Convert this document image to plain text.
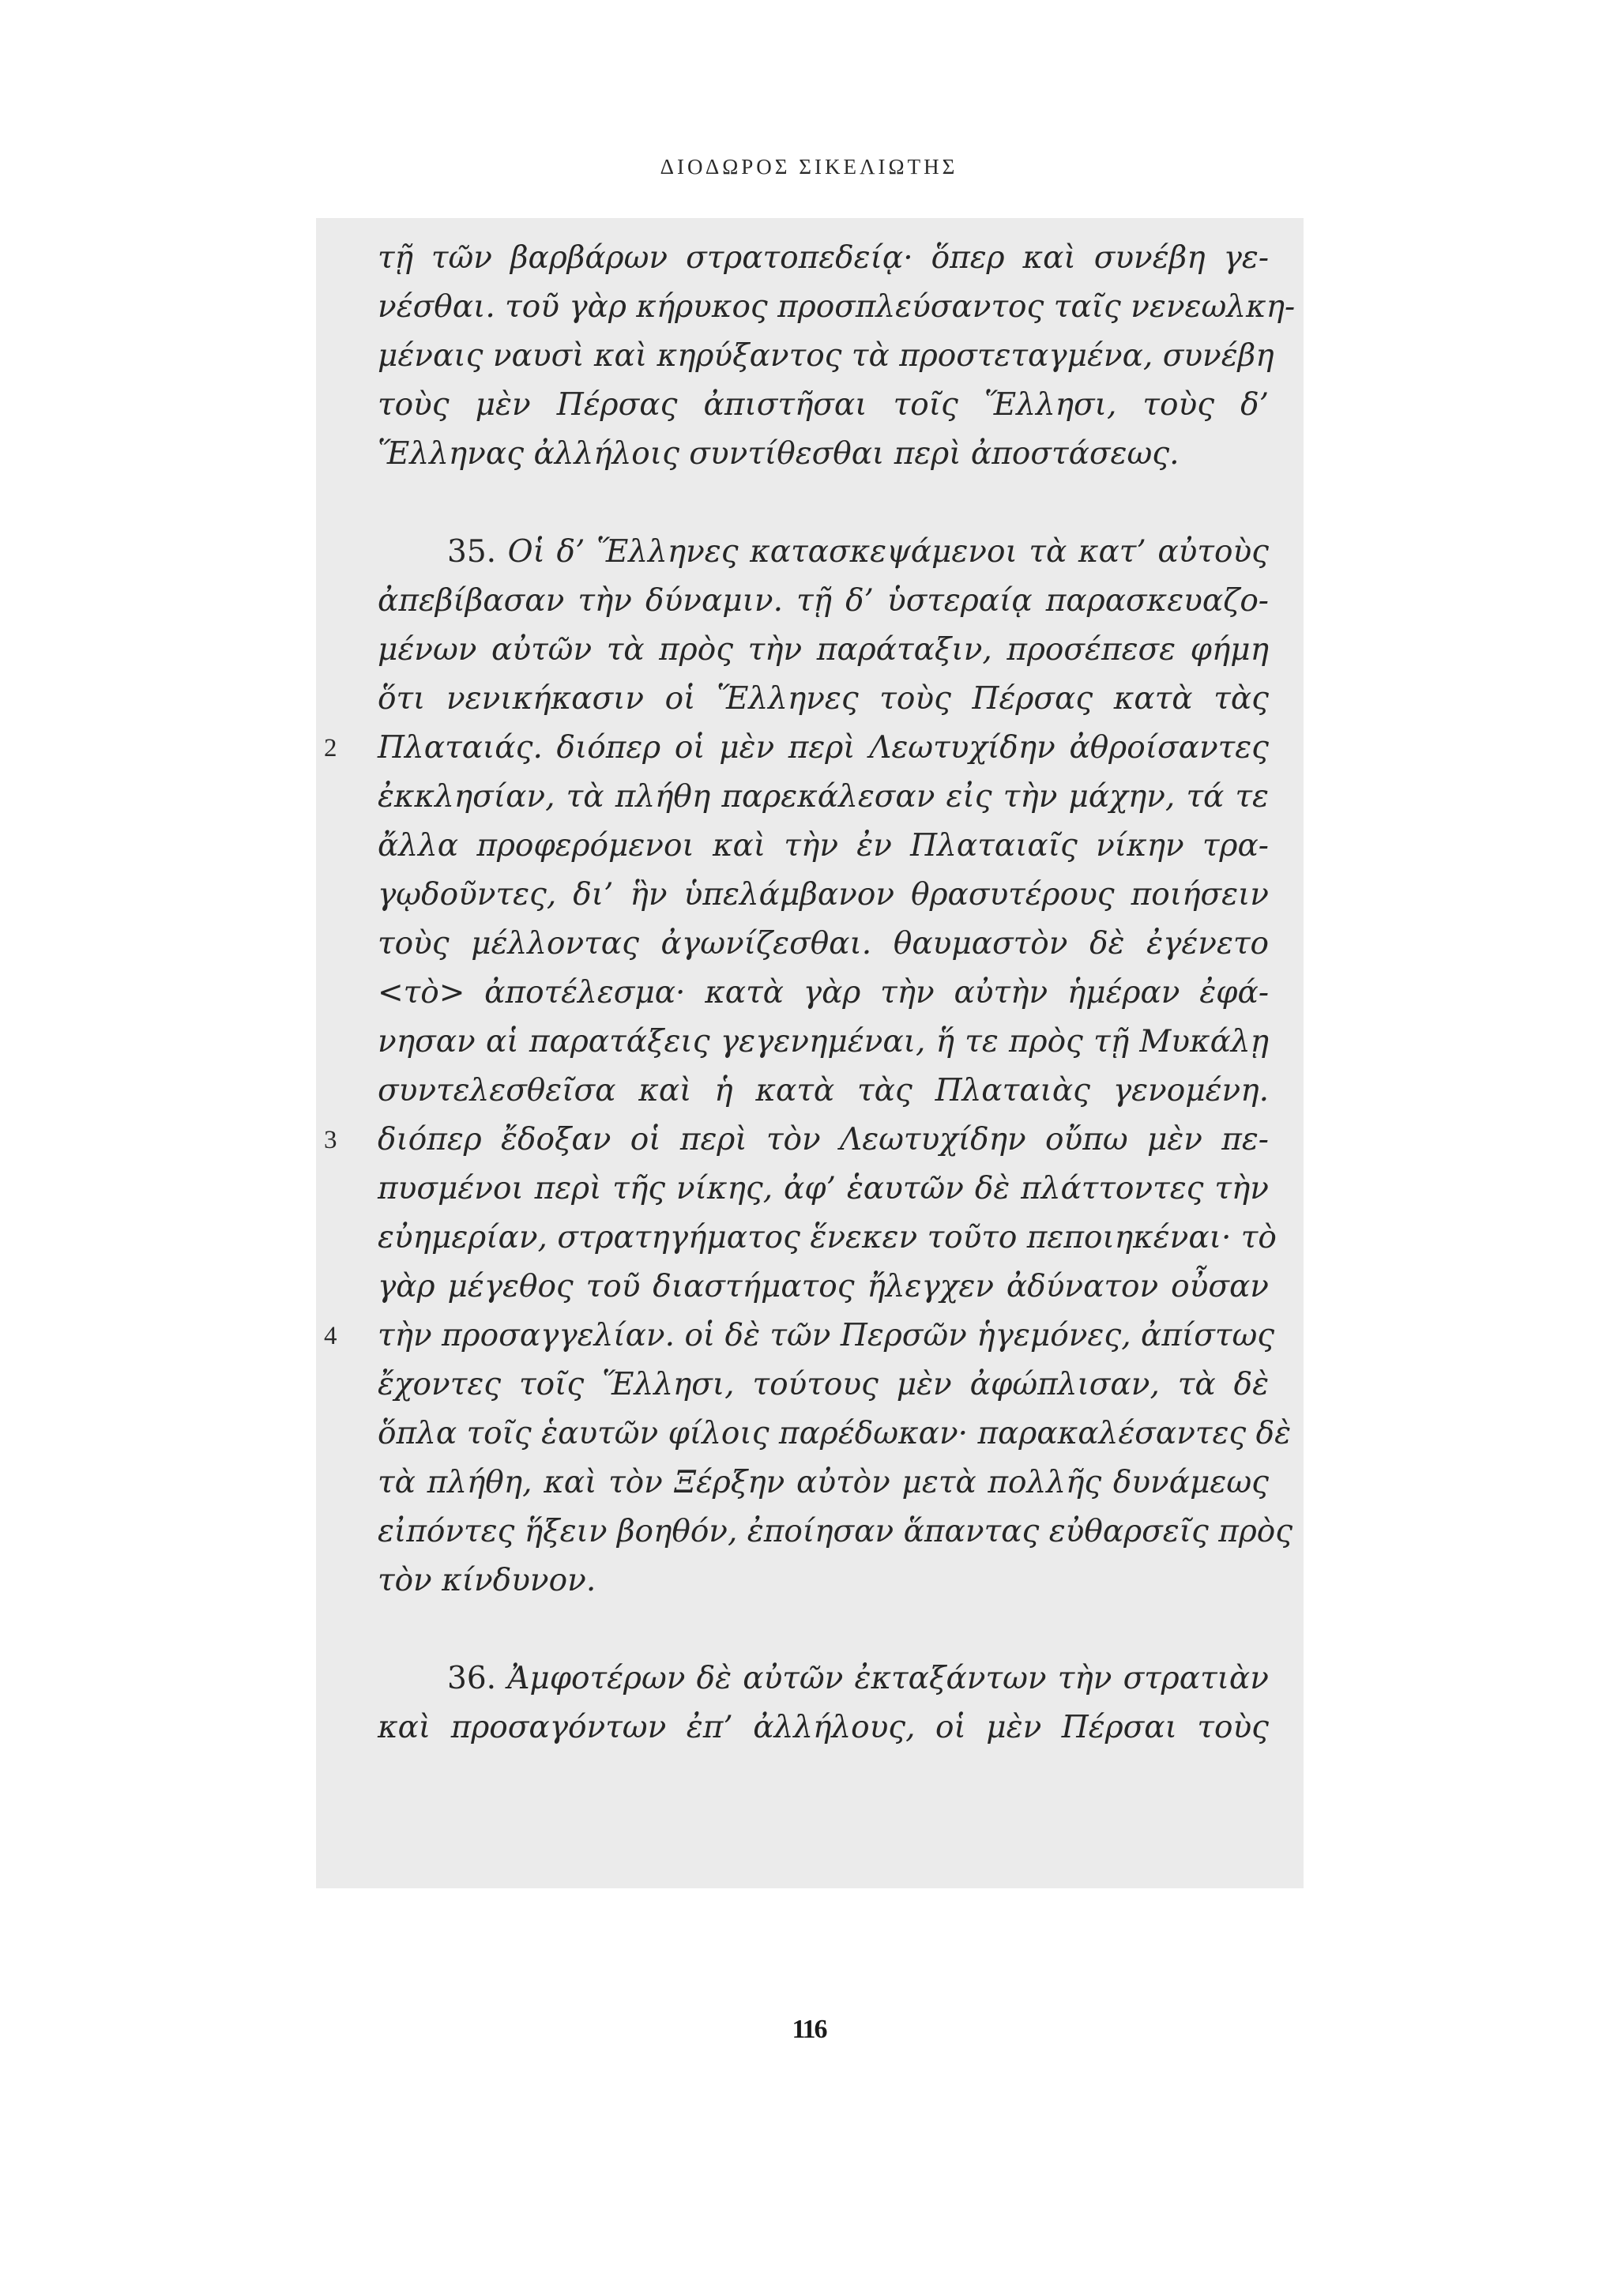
ΔΙΟΔΩΡΟΣ ΣΙΚΕΛΙΩΤΗΣ
τῇ τῶν βαρβάρων στρατοπεδείᾳ· ὅπερ καὶ συνέβη γε-
νέσθαι. τοῦ γὰρ κήρυκος προσπλεύσαντος ταῖς νενεωλκη-
μέναις ναυσὶ καὶ κηρύξαντος τὰ προστεταγμένα, συνέβη
τοὺς μὲν Πέρσας ἀπιστῆσαι τοῖς Ἕλλησι, τοὺς δ’
Ἕλληνας ἀλλήλοις συντίθεσθαι περὶ ἀποστάσεως.
35. Οἱ δ’ Ἕλληνες κατασκεψάμενοι τὰ κατ’ αὐτοὺς
ἀπεβίβασαν τὴν δύναμιν. τῇ δ’ ὑστεραίᾳ παρασκευαζο-
μένων αὐτῶν τὰ πρὸς τὴν παράταξιν, προσέπεσε φήμη
ὅτι νενικήκασιν οἱ Ἕλληνες τοὺς Πέρσας κατὰ τὰς
2 Πλαταιάς. διόπερ οἱ μὲν περὶ Λεωτυχίδην ἀθροίσαντες
ἐκκλησίαν, τὰ πλήθη παρεκάλεσαν εἰς τὴν μάχην, τά τε
ἄλλα προφερόμενοι καὶ τὴν ἐν Πλαταιαῖς νίκην τρα-
γῳδοῦντες, δι’ ἣν ὑπελάμβανον θρασυτέρους ποιήσειν
τοὺς μέλλοντας ἀγωνίζεσθαι. θαυμαστὸν δὲ ἐγένετο
<τὸ> ἀποτέλεσμα· κατὰ γὰρ τὴν αὐτὴν ἡμέραν ἐφά-
νησαν αἱ παρατάξεις γεγενημέναι, ἥ τε πρὸς τῇ Μυκάλῃ
συντελεσθεῖσα καὶ ἡ κατὰ τὰς Πλαταιὰς γενομένη.
3 διόπερ ἔδοξαν οἱ περὶ τὸν Λεωτυχίδην οὔπω μὲν πε-
πυσμένοι περὶ τῆς νίκης, ἀφ’ ἑαυτῶν δὲ πλάττοντες τὴν
εὐημερίαν, στρατηγήματος ἕνεκεν τοῦτο πεποιηκέναι· τὸ
γὰρ μέγεθος τοῦ διαστήματος ἤλεγχεν ἀδύνατον οὖσαν
4 τὴν προσαγγελίαν. οἱ δὲ τῶν Περσῶν ἡγεμόνες, ἀπίστως
ἔχοντες τοῖς Ἕλλησι, τούτους μὲν ἀφώπλισαν, τὰ δὲ
ὅπλα τοῖς ἑαυτῶν φίλοις παρέδωκαν· παρακαλέσαντες δὲ
τὰ πλήθη, καὶ τὸν Ξέρξην αὐτὸν μετὰ πολλῆς δυνάμεως
εἰπόντες ἥξειν βοηθόν, ἐποίησαν ἅπαντας εὐθαρσεῖς πρὸς
τὸν κίνδυνον.
36. Ἀμφοτέρων δὲ αὐτῶν ἐκταξάντων τὴν στρατιὰν
καὶ προσαγόντων ἐπ’ ἀλλήλους, οἱ μὲν Πέρσαι τοὺς
116
